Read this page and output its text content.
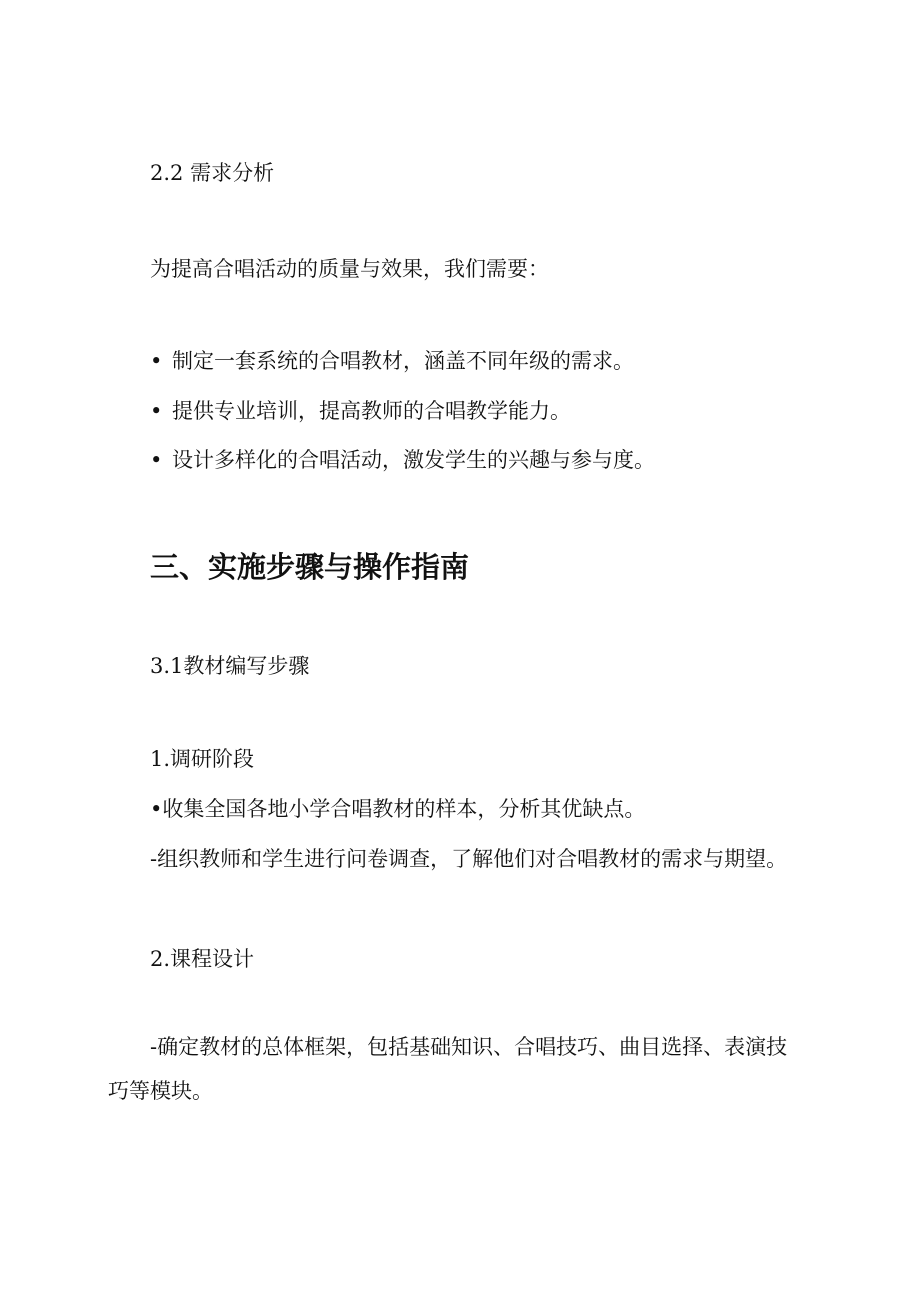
2.2 需求分析
为提高合唱活动的质量与效果，我们需要：
• 制定一套系统的合唱教材，涵盖不同年级的需求。
• 提供专业培训，提高教师的合唱教学能力。
• 设计多样化的合唱活动，激发学生的兴趣与参与度。
三、实施步骤与操作指南
3.1教材编写步骤
1.调研阶段
•收集全国各地小学合唱教材的样本，分析其优缺点。
-组织教师和学生进行问卷调查，了解他们对合唱教材的需求与期望。
2.课程设计
-确定教材的总体框架，包括基础知识、合唱技巧、曲目选择、表演技
巧等模块。
